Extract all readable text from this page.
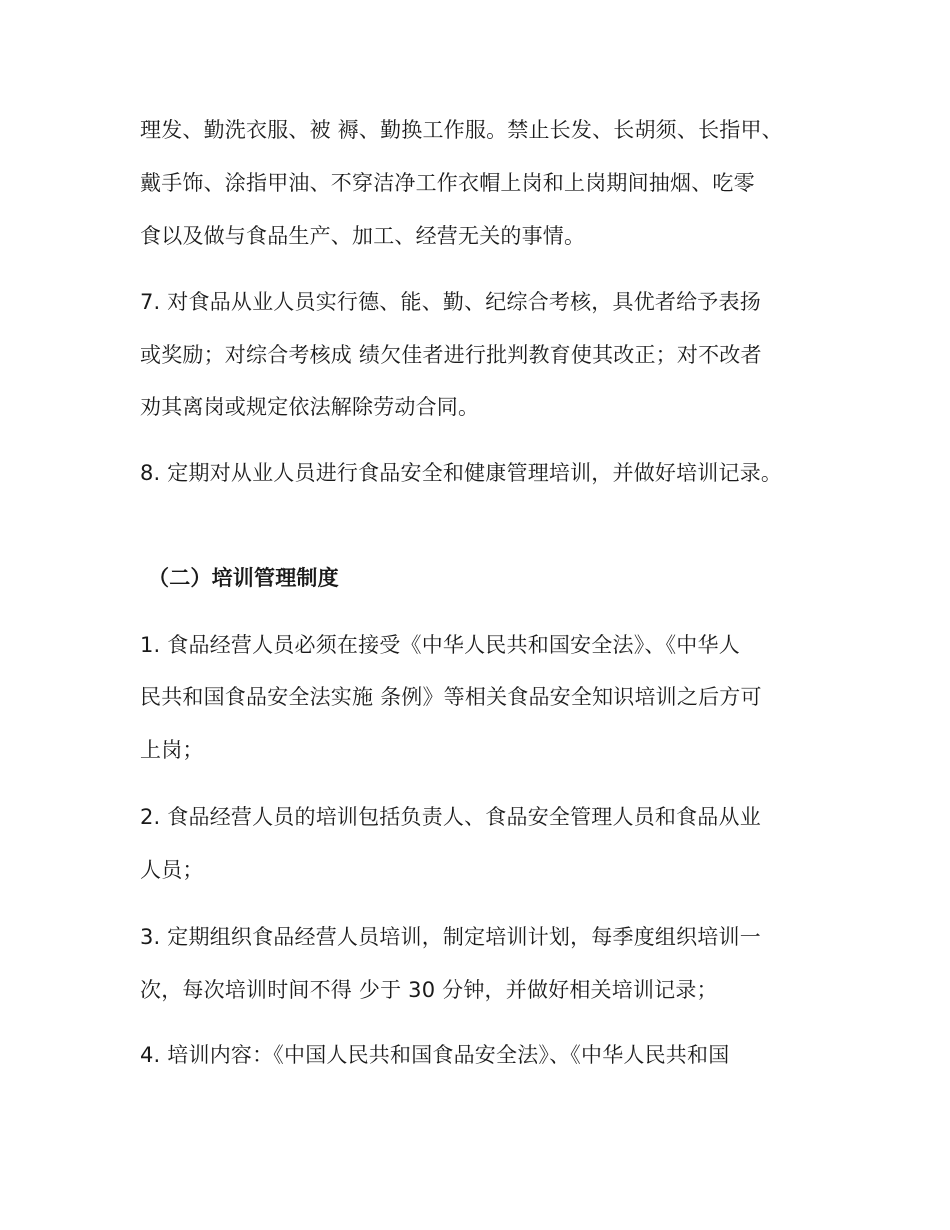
理发、勤洗衣服、被 褥、勤换工作服。禁止长发、长胡须、长指甲、
戴手饰、涂指甲油、不穿洁净工作衣帽上岗和上岗期间抽烟、吃零
食以及做与食品生产、加工、经营无关的事情。
7. 对食品从业人员实行德、能、勤、纪综合考核，具优者给予表扬
或奖励；对综合考核成 绩欠佳者进行批判教育使其改正；对不改者
劝其离岗或规定依法解除劳动合同。
8. 定期对从业人员进行食品安全和健康管理培训，并做好培训记录。
（二）培训管理制度
1. 食品经营人员必须在接受《中华人民共和国安全法》、《中华人
民共和国食品安全法实施 条例》等相关食品安全知识培训之后方可
上岗；
2. 食品经营人员的培训包括负责人、食品安全管理人员和食品从业
人员；
3. 定期组织食品经营人员培训，制定培训计划，每季度组织培训一
次，每次培训时间不得 少于 30 分钟，并做好相关培训记录；
4. 培训内容：《中国人民共和国食品安全法》、《中华人民共和国
